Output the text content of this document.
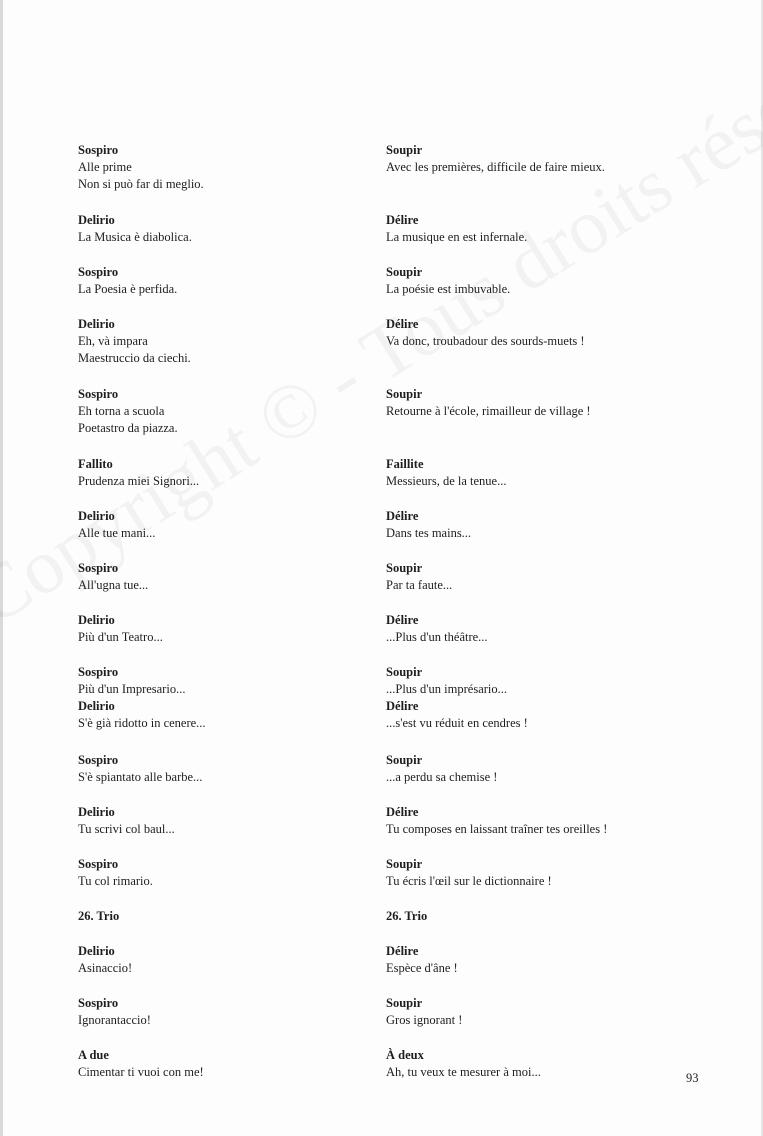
Sospiro
Alle prime
Non si può far di meglio.
Delirio
La Musica è diabolica.
Sospiro
La Poesia è perfida.
Delirio
Eh, và impara
Maestruccio da ciechi.
Sospiro
Eh torna a scuola
Poetastro da piazza.
Fallito
Prudenza miei Signori...
Delirio
Alle tue mani...
Sospiro
All'ugna tue...
Delirio
Più d'un Teatro...
Sospiro
Più d'un Impresario...
Delirio
S'è già ridotto in cenere...
Sospiro
S'è spiantato alle barbe...
Delirio
Tu scrivi col baul...
Sospiro
Tu col rimario.
26. Trio
Delirio
Asinaccio!
Sospiro
Ignorantaccio!
A due
Cimentar ti vuoi con me!
Soupir
Avec les premières, difficile de faire mieux.
Délire
La musique en est infernale.
Soupir
La poésie est imbuvable.
Délire
Va donc, troubadour des sourds-muets !
Soupir
Retourne à l'école, rimailleur de village !
Faillite
Messieurs, de la tenue...
Délire
Dans tes mains...
Soupir
Par ta faute...
Délire
...Plus d'un théâtre...
Soupir
...Plus d'un imprésario...
Délire
...s'est vu réduit en cendres !
Soupir
...a perdu sa chemise !
Délire
Tu composes en laissant traîner tes oreilles !
Soupir
Tu écris l'œil sur le dictionnaire !
26. Trio
Délire
Espèce d'âne !
Soupir
Gros ignorant !
À deux
Ah, tu veux te mesurer à moi...	93
